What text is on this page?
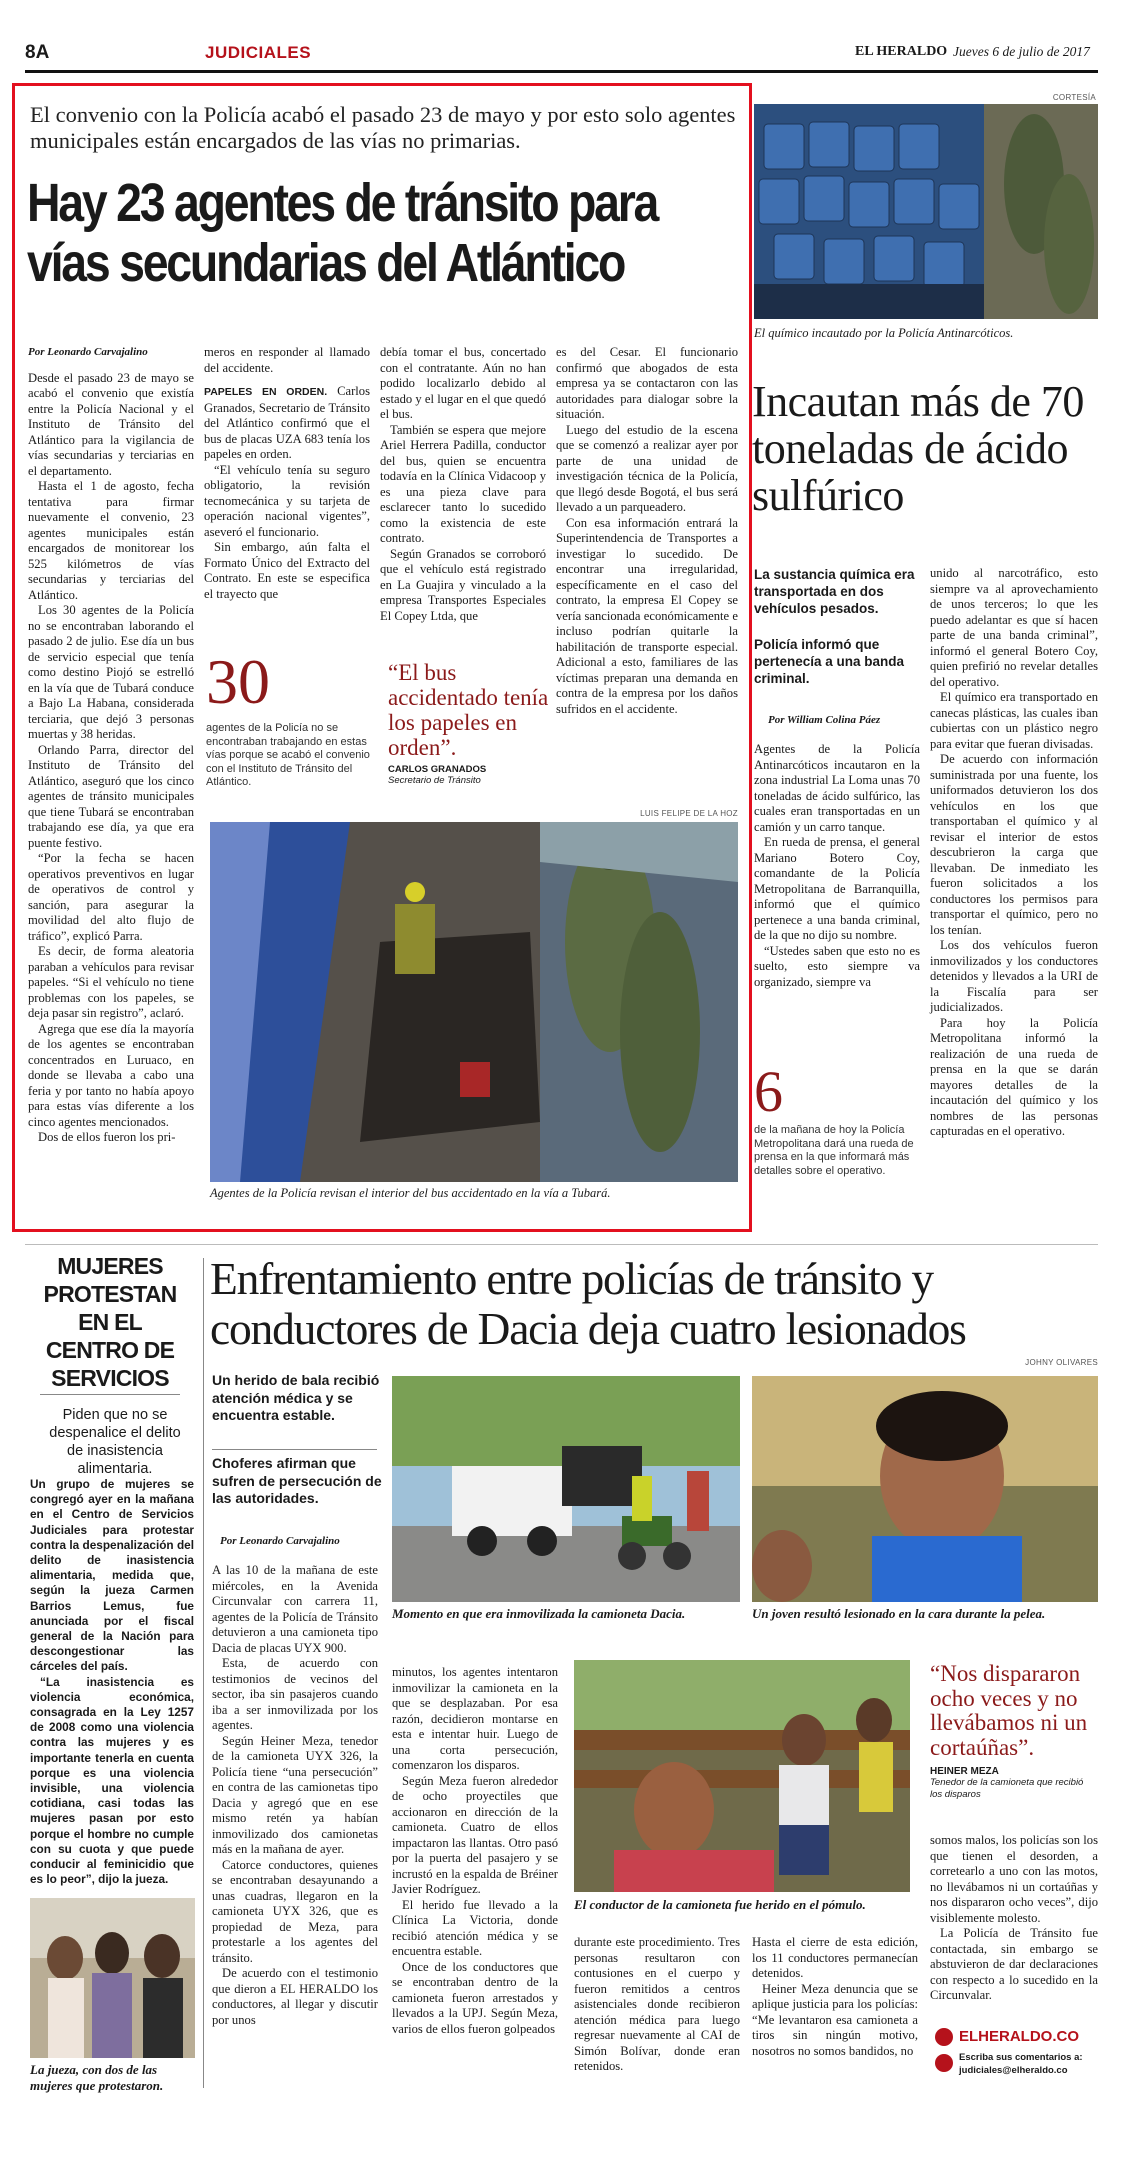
8A	JUDICIALES	EL HERALDO Jueves 6 de julio de 2017
El convenio con la Policía acabó el pasado 23 de mayo y por esto solo agentes municipales están encargados de las vías no primarias.
Hay 23 agentes de tránsito para vías secundarias del Atlántico
Por Leonardo Carvajalino

Desde el pasado 23 de mayo se acabó el convenio que existía entre la Policía Nacional y el Instituto de Tránsito del Atlántico para la vigilancia de vías secundarias y terciarias en el departamento.

Hasta el 1 de agosto, fecha tentativa para firmar nuevamente el convenio, 23 agentes municipales están encargados de monitorear los 525 kilómetros de vías secundarias y terciarias del Atlántico.

Los 30 agentes de la Policía no se encontraban laborando el pasado 2 de julio. Ese día un bus de servicio especial que tenía como destino Piojó se estrelló en la vía que de Tubará conduce a Bajo La Habana, considerada terciaria, que dejó 3 personas muertas y 38 heridas.

Orlando Parra, director del Instituto de Tránsito del Atlántico, aseguró que los cinco agentes de tránsito municipales que tiene Tubará se encontraban trabajando ese día, ya que era puente festivo.

“Por la fecha se hacen operativos preventivos en lugar de operativos de control y sanción, para asegurar la movilidad del alto flujo de tráfico”, explicó Parra.

Es decir, de forma aleatoria paraban a vehículos para revisar papeles. “Si el vehículo no tiene problemas con los papeles, se deja pasar sin registro”, aclaró.

Agrega que ese día la mayoría de los agentes se encontraban concentrados en Luruaco, en donde se llevaba a cabo una feria y por tanto no había apoyo para estas vías diferente a los cinco agentes mencionados.

Dos de ellos fueron los pri-

meros en responder al llamado del accidente.

PAPELES EN ORDEN. Carlos Granados, Secretario de Tránsito del Atlántico confirmó que el bus de placas UZA 683 tenía los papeles en orden.

“El vehículo tenía su seguro obligatorio, la revisión tecnomecánica y su tarjeta de operación nacional vigentes”, aseveró el funcionario.

Sin embargo, aún falta el Formato Único del Extracto del Contrato. En este se especifica el trayecto que

debía tomar el bus, concertado con el contratante. Aún no han podido localizarlo debido al estado y el lugar en el que quedó el bus.

También se espera que mejore Ariel Herrera Padilla, conductor del bus, quien se encuentra todavía en la Clínica Vidacoop y es una pieza clave para esclarecer tanto lo sucedido como la existencia de este contrato.

Según Granados se corroboró que el vehículo está registrado en La Guajira y vinculado a la empresa Transportes Especiales El Copey Ltda, que

es del Cesar. El funcionario confirmó que abogados de esta empresa ya se contactaron con las autoridades para dialogar sobre la situación.

Luego del estudio de la escena que se comenzó a realizar ayer por parte de una unidad de investigación técnica de la Policía, que llegó desde Bogotá, el bus será llevado a un parqueadero.

Con esa información entrará la Superintendencia de Transportes a investigar lo sucedido. De encontrar una irregularidad, específicamente en el caso del contrato, la empresa El Copey se vería sancionada económicamente e incluso podrían quitarle la habilitación de transporte especial. Adicional a esto, familiares de las víctimas preparan una demanda en contra de la empresa por los daños sufridos en el accidente.

30
agentes de la Policía no se encontraban trabajando en estas vías porque se acabó el convenio con el Instituto de Tránsito del Atlántico.
“El bus accidentado tenía los papeles en orden”.
CARLOS GRANADOS
Secretario de Tránsito
LUIS FELIPE DE LA HOZ
Agentes de la Policía revisan el interior del bus accidentado en la vía a Tubará.
CORTESÍA
El químico incautado por la Policía Antinarcóticos.
Incautan más de 70 toneladas de ácido sulfúrico
La sustancia química era transportada en dos vehículos pesados.
Policía informó que pertenecía a una banda criminal.
Por William Colina Páez

Agentes de la Policía Antinarcóticos incautaron en la zona industrial La Loma unas 70 toneladas de ácido sulfúrico, las cuales eran transportadas en un camión y un carro tanque.

En rueda de prensa, el general Mariano Botero Coy, comandante de la Policía Metropolitana de Barranquilla, informó que el químico pertenece a una banda criminal, de la que no dijo su nombre.

“Ustedes saben que esto no es suelto, esto siempre va organizado, siempre va

6
de la mañana de hoy la Policía Metropolitana dará una rueda de prensa en la que informará más detalles sobre el operativo.

unido al narcotráfico, esto siempre va al aprovechamiento de unos terceros; lo que les puedo adelantar es que sí hacen parte de una banda criminal”, informó el general Botero Coy, quien prefirió no revelar detalles del operativo.

El químico era transportado en canecas plásticas, las cuales iban cubiertas con un plástico negro para evitar que fueran divisadas.

De acuerdo con información suministrada por una fuente, los uniformados detuvieron los dos vehículos en los que transportaban el químico y al revisar el interior de estos descubrieron la carga que llevaban. De inmediato les fueron solicitados a los conductores los permisos para transportar el químico, pero no los tenían.

Los dos vehículos fueron inmovilizados y los conductores detenidos y llevados a la URI de la Fiscalía para ser judicializados.

Para hoy la Policía Metropolitana informó la realización de una rueda de prensa en la que se darán mayores detalles de la incautación del químico y los nombres de las personas capturadas en el operativo.

MUJERES PROTESTAN EN EL CENTRO DE SERVICIOS
Piden que no se despenalice el delito de inasistencia alimentaria.

Un grupo de mujeres se congregó ayer en la mañana en el Centro de Servicios Judiciales para protestar contra la despenalización del delito de inasistencia alimentaria, medida que, según la jueza Carmen Barrios Lemus, fue anunciada por el fiscal general de la Nación para descongestionar las cárceles del país.

“La inasistencia es violencia económica, consagrada en la Ley 1257 de 2008 como una violencia contra las mujeres y es importante tenerla en cuenta porque es una violencia invisible, una violencia cotidiana, casi todas las mujeres pasan por esto porque el hombre no cumple con su cuota y que puede conducir al feminicidio que es lo peor”, dijo la jueza.

La jueza, con dos de las mujeres que protestaron.
Enfrentamiento entre policías de tránsito y conductores de Dacia deja cuatro lesionados
JOHNY OLIVARES
Un herido de bala recibió atención médica y se encuentra estable.
Choferes afirman que sufren de persecución de las autoridades.
Por Leonardo Carvajalino
Momento en que era inmovilizada la camioneta Dacia.	Un joven resultó lesionado en la cara durante la pelea.

A las 10 de la mañana de este miércoles, en la Avenida Circunvalar con carrera 11, agentes de la Policía de Tránsito detuvieron a una camioneta tipo Dacia de placas UYX 900.

Esta, de acuerdo con testimonios de vecinos del sector, iba sin pasajeros cuando iba a ser inmovilizada por los agentes.

Según Heiner Meza, tenedor de la camioneta UYX 326, la Policía tiene “una persecución” en contra de las camionetas tipo Dacia y agregó que en ese mismo retén ya habían inmovilizado dos camionetas más en la mañana de ayer.

Catorce conductores, quienes se encontraban desayunando a unas cuadras, llegaron en la camioneta UYX 326, que es propiedad de Meza, para protestarle a los agentes del tránsito.

De acuerdo con el testimonio que dieron a EL HERALDO los conductores, al llegar y discutir por unos

minutos, los agentes intentaron inmovilizar la camioneta en la que se desplazaban. Por esa razón, decidieron montarse en esta e intentar huir. Luego de una corta persecución, comenzaron los disparos.

Según Meza fueron alrededor de ocho proyectiles que accionaron en dirección de la camioneta. Cuatro de ellos impactaron las llantas. Otro pasó por la puerta del pasajero y se incrustó en la espalda de Bréiner Javier Rodríguez.

El herido fue llevado a la Clínica La Victoria, donde recibió atención médica y se encuentra estable.

Once de los conductores que se encontraban dentro de la camioneta fueron arrestados y llevados a la UPJ. Según Meza, varios de ellos fueron golpeados

El conductor de la camioneta fue herido en el pómulo.
“Nos dispararon ocho veces y no llevábamos ni un cortaúñas”.
HEINER MEZA
Tenedor de la camioneta que recibió los disparos

durante este procedimiento. Tres personas resultaron con contusiones en el cuerpo y fueron remitidos a centros asistenciales donde recibieron atención médica para luego regresar nuevamente al CAI de Simón Bolívar, donde eran retenidos.

Hasta el cierre de esta edición, los 11 conductores permanecían detenidos.

Heiner Meza denuncia que se aplique justicia para los policías: “Me levantaron esa camioneta a tiros sin ningún motivo, nosotros no somos bandidos, no

somos malos, los policías son los que tienen el desorden, a corretearlo a uno con las motos, no llevábamos ni un cortaúñas y nos dispararon ocho veces”, dijo visiblemente molesto.

La Policía de Tránsito fue contactada, sin embargo se abstuvieron de dar declaraciones con respecto a lo sucedido en la Circunvalar.

ELHERALDO.CO
Escriba sus comentarios a:
judiciales@elheraldo.co
